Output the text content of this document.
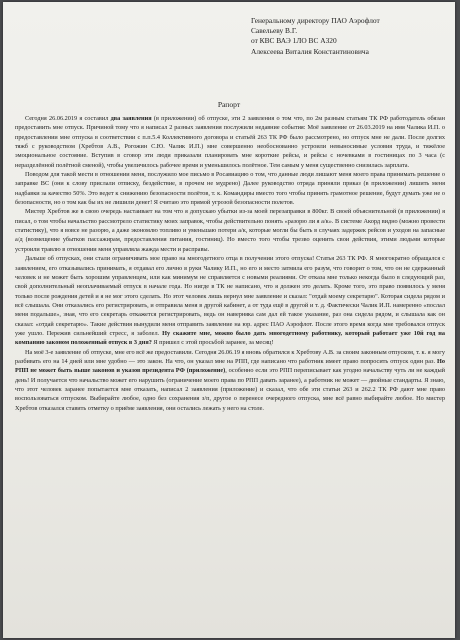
Генеральному директору ПАО Аэрофлот
Савельеву В.Г.
от КВС ВАЭ 1ЛО ВС А320
Алексеева Виталия Константиновича
Рапорт

Сегодня 26.06.2019 я составил два заявления (в приложении) об отпуске, эти 2 заявления о том что, по 2м разным статьям ТК РФ работодатель обязан предоставить мне отпуск. Причиной тому что я написал 2 разных заявления послужили недавние события: Моё заявление от 26.03.2019 на имя Чалика И.П. о предоставлении мне отпуска в соответствии с п.п.5.4 Коллективного договора и статьёй 263 ТК РФ было рассмотрено, но отпуск мне не дали. После долгих тяжб с руководством (Хребтов А.В., Рогожин С.Ю. Чалик И.П.) мне совершенно необоснованно устроили невыносимые условия труда, и тяжёлое эмоциональное состояние. Вступив в сговор эти люди приказали планировать мне короткие рейсы, и рейсы с ночевками в гостиницах по 3 часа (с неразделённой полётной сменой), чтобы увеличилось рабочее время и уменьшилось полётное. Тем самым у меня существенно снизилась зарплата.

Поводом для такой мести в отношении меня, послужило мое письмо в Росавиацию о том, что данные люди лишают меня моего права принимать решение о заправке ВС (они к слову прислали отписку, бездействие, в прочем не мудрено) Далее руководство отряда приняли приказ (в приложении) лишить меня надбавки за качество 50%. Это ведет к снижению безопасности полётов, т. к. Командиры вместо того чтобы принять грамотное решение, будут думать уже не о безопасности, но о том как бы их не лишили денег! Я считаю это прямой угрозой безопасности полетов.

Мистер Хребтов же в свою очередь настаивает на том что я допускаю убытки из-за моей перезаправки в 800кг. В своей объяснительной (в приложении) я писал, о том чтобы начальство рассмотрело статистику моих заправок, чтобы действительно понять «разорю ли я а/к». В системе Акорд видно (можно провести статистику), что я вовсе не разорю, а даже экономлю топливо и уменьшаю потери а/к, которые могли бы быть в случаях задержек рейсов и уходов на запасные а/д (возмещение убытков пассажирам, предоставления питания, гостиниц). Но вместо того чтобы трезво оценить свои действия, этими людьми которые устроили травлю в отношении меня управляла жажда мести и расправы.

Дальше об отпусках, они стали ограничивать мое право на многодетного отца в получении этого отпуска! Статья 263 ТК РФ. Я многократно обращался с заявлением, его отказывались принимать, я отдавал его лично в руки Чалику И.П., но его и место затмила его разум, что говорит о том, что он не сдержанный человек и не может быть хорошим управленцем, или как минимум не справляется с новыми реалиями. От отказа мне только некогда было в следующий раз, свой дополнительный неоплачиваемый отпуск в начале года. Но нигде в ТК не написано, что я должен это делать. Кроме того, это право появилось у меня только после рождения детей и я не мог этого сделать. Но этот человек лишь вернул мне заявление и сказал: "отдай моему секретарю". Которая сидела рядом и всё слышала. Они отказались его регистрировать, и отправила меня в другой кабинет, а от туда ещё в другой и т. д. Фактически Чалик И.П. намеренно «послал меня подальше», зная, что его секретарь откажется регистрировать, ведь он наверняка сам дал ей такое указание, раз она сидела рядом, и слышала как он сказал: «отдай секретарю». Такие действия вынудили меня отправить заявление на юр. адрес ПАО Аэрофлот. После этого время когда мне требовался отпуск уже ушло. Пережив сильнейший стресс, я заболел. Ну скажите мне, можно было дать многодетному работнику, который работает уже 10й год на компанию законом положенный отпуск в 3 дня? Я пришел с этой просьбой заранее, за месяц!

На моё 3-е заявление об отпуске, мне его всё же предоставили. Сегодня 26.06.19 я вновь обратился к Хребтову А.В. за своим законным отпуском, т. к. я могу разбивать его на 14 дней или мне удобно — это закон. На что, он указал мне на РПП, где написано что работник имеет право попросить отпуск один раз. Но РПП не может быть выше законов и указов президента РФ (приложение), особенно если это РПП переписывает как угодно начальству чуть ли не каждый день! И получается что начальство может его нарушить (ограничение моего права по РПП давать заранее), а работник не может — двойные стандарты. Я знаю, что этот человек заранее попытается мне отказать, написал 2 заявления (приложение) и сказал, что обе эти статьи 263 и 262.2 ТК РФ дают мне право воспользоваться отпуском. Выбирайте любое, одно без сохранения з/п, другое о перенесе очередного отпуска, мне всё равно выбирайте любое. Но мистер Хребтов отказался ставить отметку о приёме заявления, они остались лежать у него на столе.
